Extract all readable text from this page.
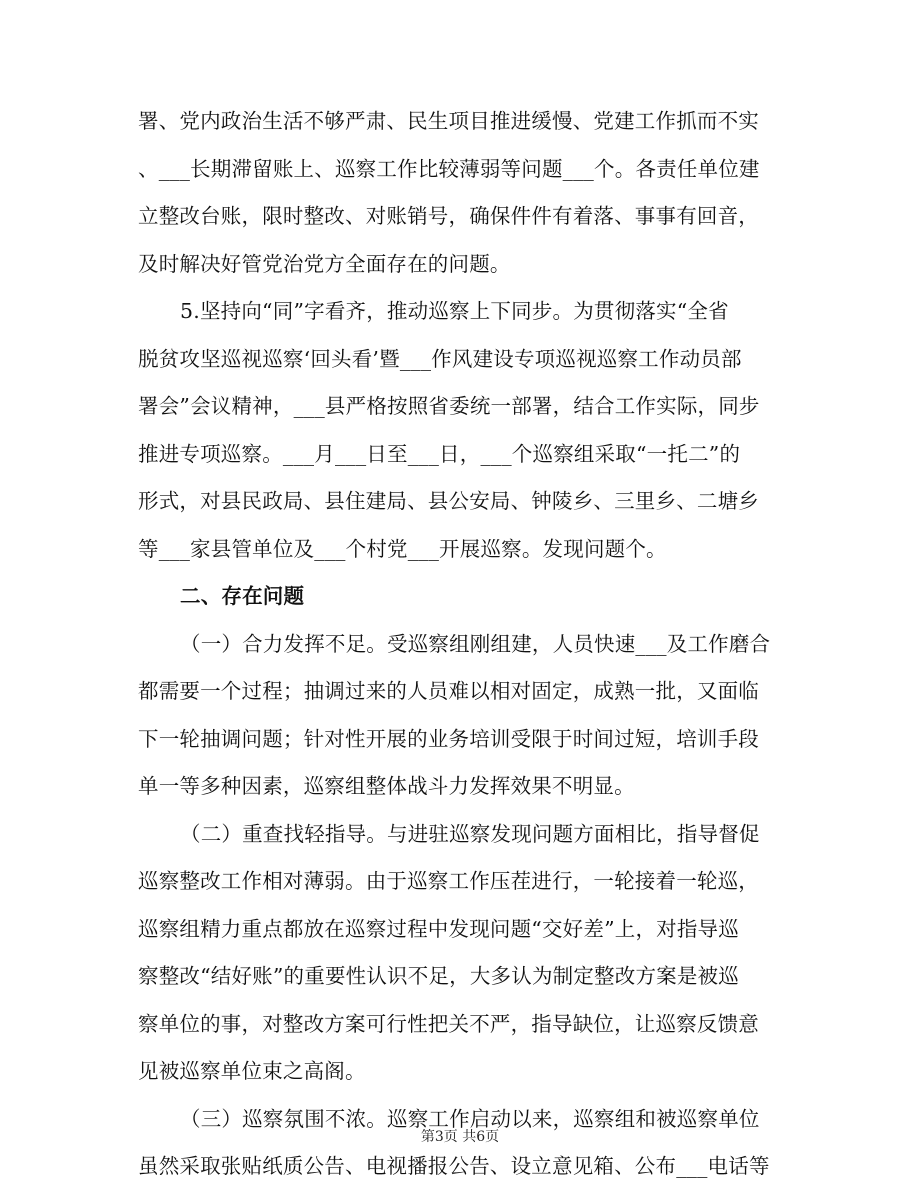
署、党内政治生活不够严肃、民生项目推进缓慢、党建工作抓而不实
、___长期滞留账上、巡察工作比较薄弱等问题___个。各责任单位建
立整改台账，限时整改、对账销号，确保件件有着落、事事有回音，
及时解决好管党治党方全面存在的问题。
5.坚持向“同”字看齐，推动巡察上下同步。为贯彻落实“全省
脱贫攻坚巡视巡察‘回头看’暨___作风建设专项巡视巡察工作动员部
署会”会议精神，___县严格按照省委统一部署，结合工作实际，同步
推进专项巡察。___月___日至___日，___个巡察组采取“一托二”的
形式，对县民政局、县住建局、县公安局、钟陵乡、三里乡、二塘乡
等___家县管单位及___个村党___开展巡察。发现问题个。
二、存在问题
（一）合力发挥不足。受巡察组刚组建，人员快速___及工作磨合
都需要一个过程；抽调过来的人员难以相对固定，成熟一批，又面临
下一轮抽调问题；针对性开展的业务培训受限于时间过短，培训手段
单一等多种因素，巡察组整体战斗力发挥效果不明显。
（二）重查找轻指导。与进驻巡察发现问题方面相比，指导督促
巡察整改工作相对薄弱。由于巡察工作压茬进行，一轮接着一轮巡，
巡察组精力重点都放在巡察过程中发现问题“交好差”上，对指导巡
察整改“结好账”的重要性认识不足，大多认为制定整改方案是被巡
察单位的事，对整改方案可行性把关不严，指导缺位，让巡察反馈意
见被巡察单位束之高阁。
（三）巡察氛围不浓。巡察工作启动以来，巡察组和被巡察单位
虽然采取张贴纸质公告、电视播报公告、设立意见箱、公布___电话等
第3页 共6页
